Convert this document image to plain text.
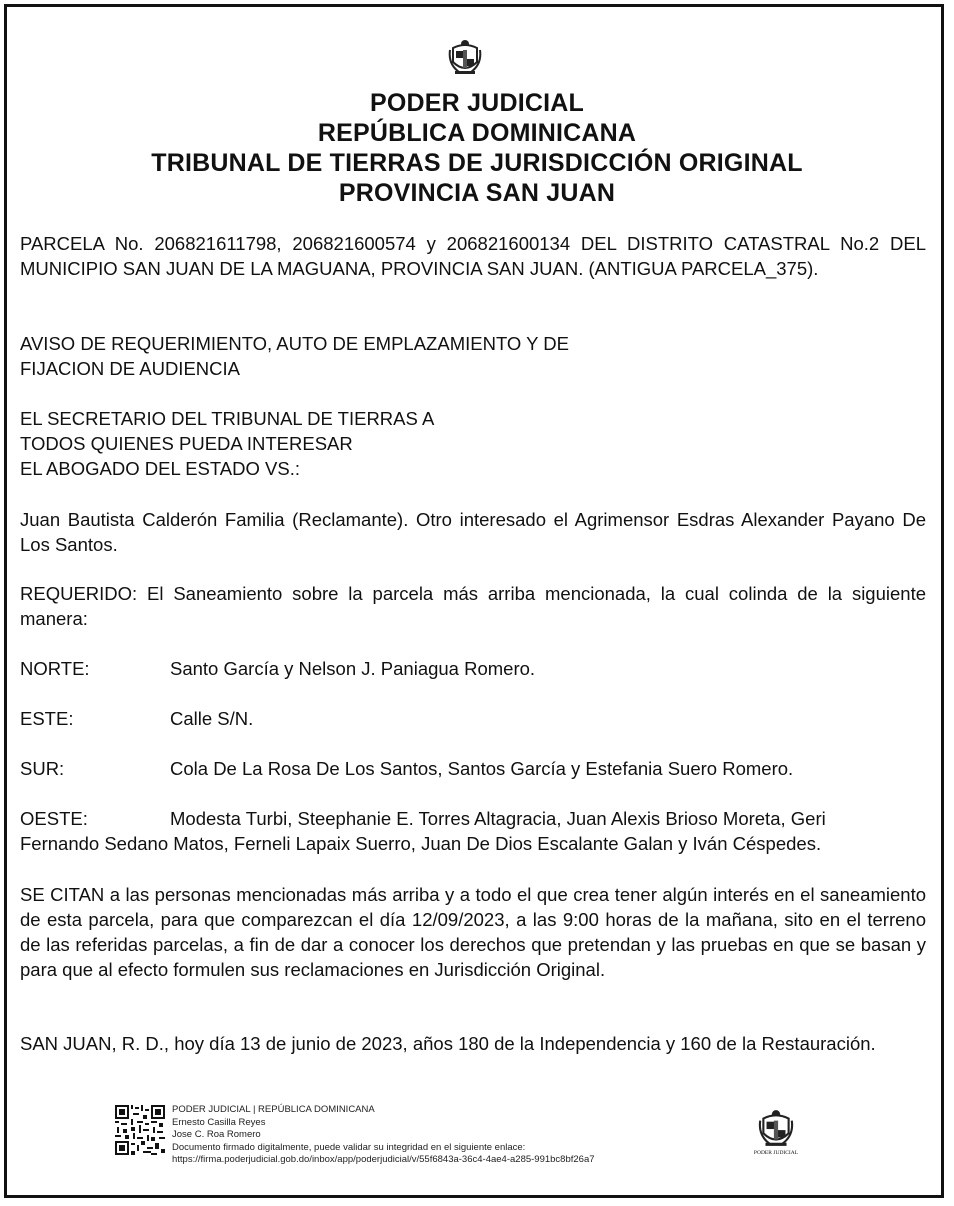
PODER JUDICIAL
REPÚBLICA DOMINICANA
TRIBUNAL DE TIERRAS DE JURISDICCIÓN ORIGINAL
PROVINCIA SAN JUAN
PARCELA No. 206821611798, 206821600574 y 206821600134 DEL DISTRITO CATASTRAL No.2 DEL MUNICIPIO SAN JUAN DE LA MAGUANA, PROVINCIA SAN JUAN. (ANTIGUA PARCELA_375).
AVISO DE REQUERIMIENTO, AUTO DE EMPLAZAMIENTO Y DE
FIJACION DE AUDIENCIA
EL SECRETARIO DEL TRIBUNAL DE TIERRAS A
TODOS QUIENES PUEDA INTERESAR
EL ABOGADO DEL ESTADO VS.:
Juan Bautista Calderón Familia (Reclamante). Otro interesado el Agrimensor Esdras Alexander Payano De Los Santos.
REQUERIDO: El Saneamiento sobre la parcela más arriba mencionada, la cual colinda de la siguiente manera:
NORTE:	Santo García y Nelson J. Paniagua Romero.
ESTE:	Calle S/N.
SUR:	Cola De La Rosa De Los Santos, Santos García y Estefania Suero Romero.
OESTE:	Modesta Turbi, Steephanie E. Torres Altagracia, Juan Alexis Brioso Moreta, Geri
Fernando Sedano Matos, Ferneli Lapaix Suerro, Juan De Dios Escalante Galan y Iván Céspedes.
SE CITAN a las personas mencionadas más arriba y a todo el que crea tener algún interés en el saneamiento de esta parcela, para que comparezcan el día 12/09/2023, a las 9:00 horas de la mañana, sito en el terreno de las referidas parcelas, a fin de dar a conocer los derechos que pretendan y las pruebas en que se basan y para que al efecto formulen sus reclamaciones en Jurisdicción Original.
SAN JUAN, R. D., hoy día 13 de junio de 2023, años 180 de la Independencia y 160 de la Restauración.
PODER JUDICIAL | REPÚBLICA DOMINICANA
Ernesto Casilla Reyes
Jose C. Roa Romero
Documento firmado digitalmente, puede validar su integridad en el siguiente enlace:
https://firma.poderjudicial.gob.do/inbox/app/poderjudicial/v/55f6843a-36c4-4ae4-a285-991bc8bf26a7
PODER JUDICIAL
